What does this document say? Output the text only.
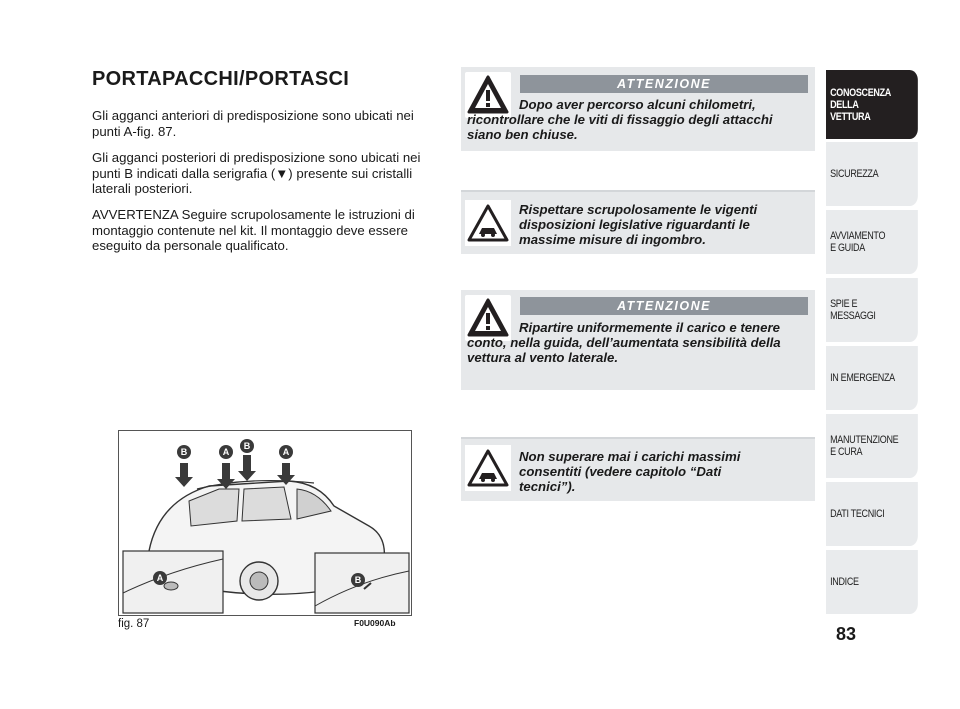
PORTAPACCHI/PORTASCI
Gli agganci anteriori di predisposizione sono ubicati nei punti A-fig. 87.
Gli agganci posteriori di predisposizione sono ubicati nei punti B indicati dalla serigrafia (▼) presente sui cristalli laterali posteriori.
AVVERTENZA Seguire scrupolosamente le istruzioni di montaggio contenute nel kit. Il montaggio deve essere eseguito da personale qualificato.
ATTENZIONE
Dopo aver percorso alcuni chilometri, ricontrollare che le viti di fissaggio degli attacchi siano ben chiuse.
Rispettare scrupolosamente le vigenti disposizioni legislative riguardanti le massime misure di ingombro.
ATTENZIONE
Ripartire uniformemente il carico e tenere conto, nella guida, dell’aumentata sensibilità della vettura al vento laterale.
Non superare mai i carichi massimi consentiti (vedere capitolo “Dati tecnici”).
B	A
B
A
A	B
fig. 87	F0U090Ab
CONOSCENZA DELLA VETTURA
SICUREZZA
AVVIAMENTO E GUIDA
SPIE E MESSAGGI
IN EMERGENZA
MANUTENZIONE E CURA
DATI TECNICI
INDICE
83
